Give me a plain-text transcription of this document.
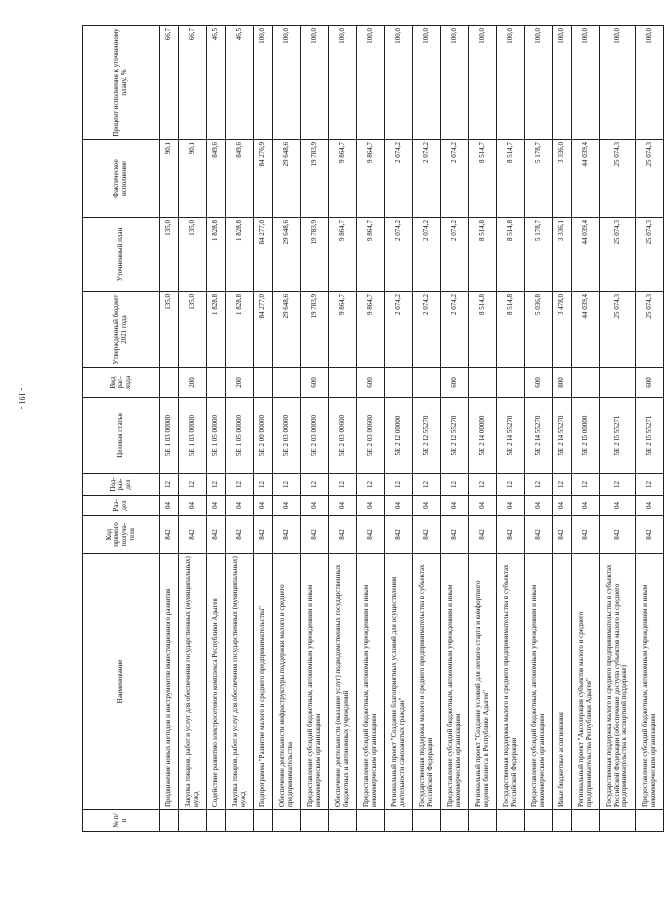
- 191 -
№ п/п	Наименование	Код прямого получа-теля	Раз-дел	Под-раз-дел	Целевая статья	Вид рас-хода	Утвержденный бюджет 2021 года	Уточненный план	Фактическое исполнение	Процент исполнения к уточненному плану, %
	Продвижение новых методов и инструментов инвестиционного развития	842	04	12	5Е 1 03 00000		135,0	135,0	90,1	66,7
	Закупка товаров, работ и услуг для обеспечения государственных (муниципальных) нужд	842	04	12	5Е 1 03 00000	200	135,0	135,0	90,1	66,7
	Содействие развитию электросетевого комплекса Республики Адыгея	842	04	12	5Е 1 05 00000		1 828,8	1 828,8	849,6	46,5
	Закупка товаров, работ и услуг для обеспечения государственных (муниципальных) нужд	842	04	12	5Е 1 05 00000	200	1 828,8	1 828,8	849,6	46,5
	Подпрограмма "Развитие малого и среднего предпринимательства"	842	04	12	5Е 2 00 00000		84 277,0	84 277,0	84 276,9	100,0
	Обеспечение деятельности инфраструктуры поддержки малого и среднего предпринимательства	842	04	12	5Е 2 03 00000		29 648,6	29 648,6	29 648,6	100,0
	Предоставление субсидий бюджетным, автономным учреждениям и иным некоммерческим организациям	842	04	12	5Е 2 03 00000	600	19 783,9	19 783,9	19 783,9	100,0
	Обеспечение деятельности (оказание услуг) подведомственных государственных бюджетных и автономных учреждений	842	04	12	5Е 2 03 00600		9 864,7	9 864,7	9 864,7	100,0
	Предоставление субсидий бюджетным, автономным учреждениям и иным некоммерческим организациям	842	04	12	5Е 2 03 00600	600	9 864,7	9 864,7	9 864,7	100,0
	Региональный проект "Создание благоприятных условий для осуществления деятельности самозанятых граждан"	842	04	12	5Е 2 I2 00000		2 074,2	2 074,2	2 074,2	100,0
	Государственная поддержка малого и среднего предпринимательства в субъектах Российской Федерации	842	04	12	5Е 2 I2 55270		2 074,2	2 074,2	2 074,2	100,0
	Предоставление субсидий бюджетным, автономным учреждениям и иным некоммерческим организациям	842	04	12	5Е 2 I2 55270	600	2 074,2	2 074,2	2 074,2	100,0
	Региональный проект "Создание условий для легкого старта и комфортного ведения бизнеса в Республике Адыгея"	842	04	12	5Е 2 I4 00000		8 514,8	8 514,8	8 514,7	100,0
	Государственная поддержка малого и среднего предпринимательства в субъектах Российской Федерации	842	04	12	5Е 2 I4 55270		8 514,8	8 514,8	8 514,7	100,0
	Предоставление субсидий бюджетным, автономным учреждениям и иным некоммерческим организациям	842	04	12	5Е 2 I4 55270	600	5 036,8	5 178,7	5 178,7	100,0
	Иные бюджетные ассигнования	842	04	12	5Е 2 I4 55270	800	3 478,0	3 336,1	3 336,0	100,0
	Региональный проект "Акселерация субъектов малого и среднего предпринимательства Республики Адыгея"	842	04	12	5Е 2 I5 00000		44 039,4	44 039,4	44 039,4	100,0
	Государственная поддержка малого и среднего предпринимательства в субъектах Российской Федерации (обеспечение доступа субъектов малого и среднего предпринимательства к экспортной поддержке)	842	04	12	5Е 2 I5 55271		25 074,3	25 074,3	25 074,3	100,0
	Предоставление субсидий бюджетным, автономным учреждениям и иным некоммерческим организациям	842	04	12	5Е 2 I5 55271	600	25 074,3	25 074,3	25 074,3	100,0
